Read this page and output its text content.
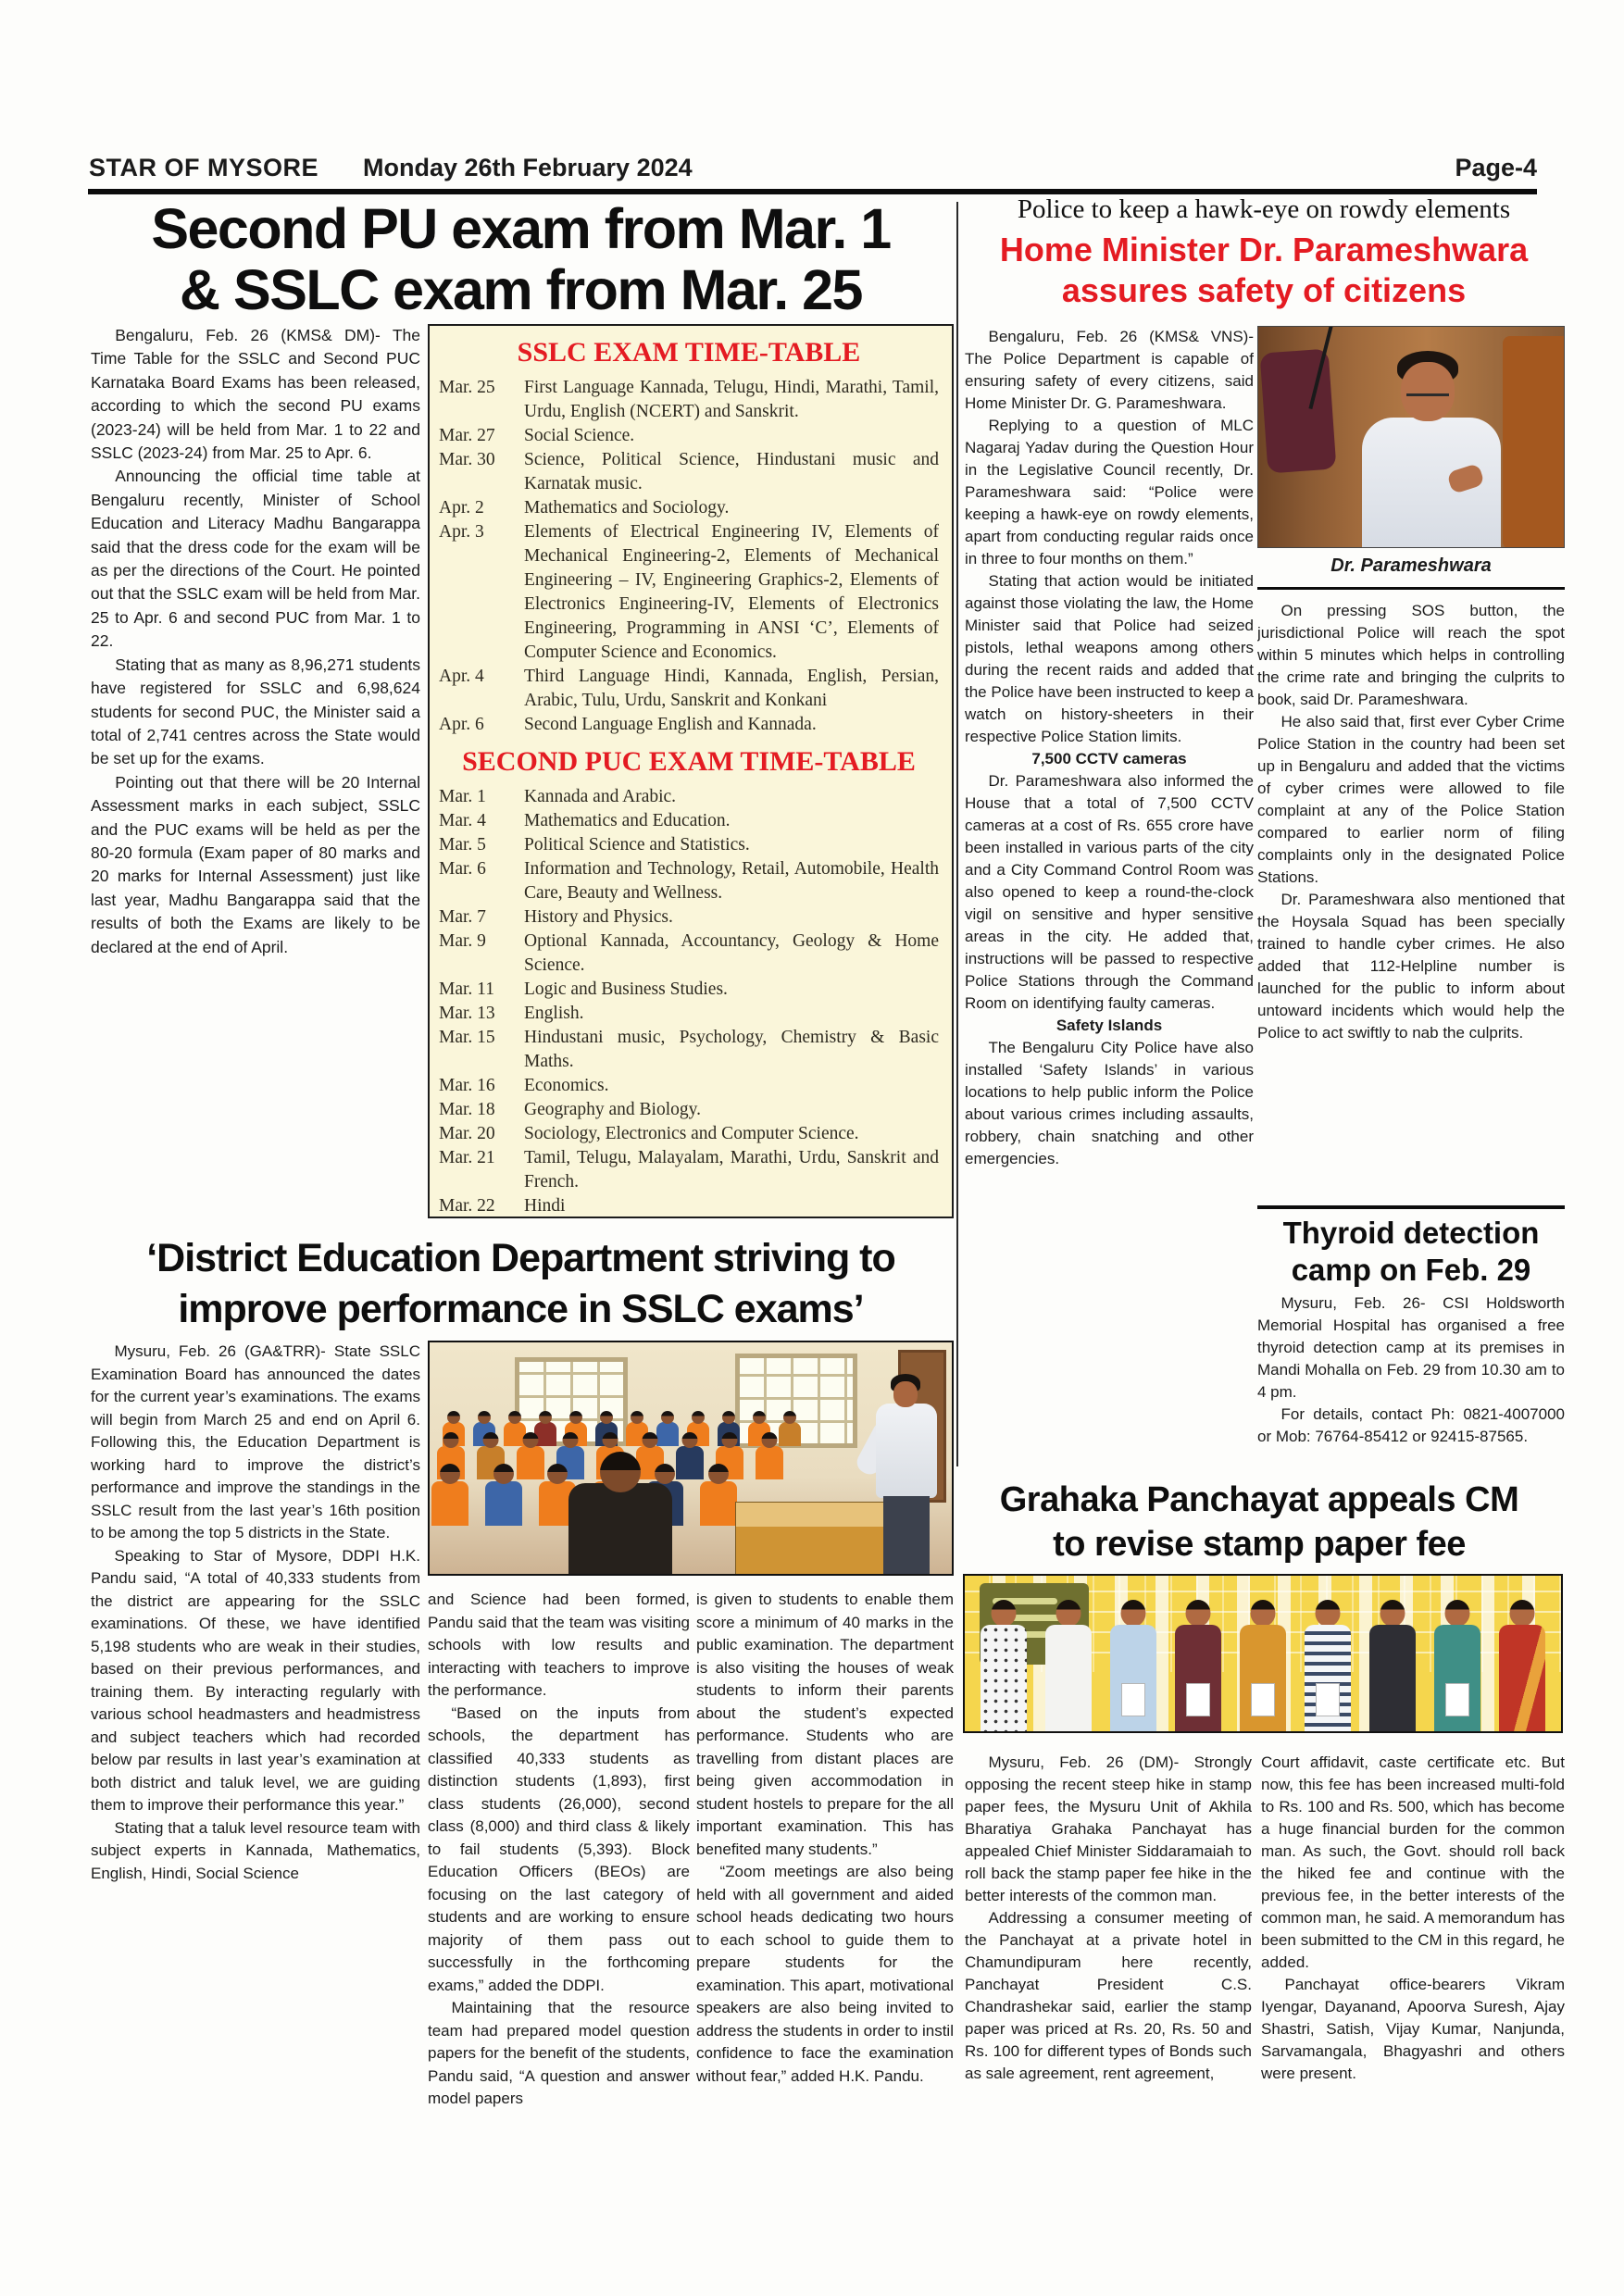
STAR OF MYSORE Monday 26th February 2024	Page-4
Second PU exam from Mar. 1
& SSLC exam from Mar. 25

Bengaluru, Feb. 26 (KMS& DM)- The Time Table for the SSLC and Second PUC Karnataka Board Exams has been released, according to which the second PU exams (2023-24) will be held from Mar. 1 to 22 and SSLC (2023-24) from Mar. 25 to Apr. 6.

Announcing the official time table at Bengaluru recently, Minister of School Education and Literacy Madhu Bangarappa said that the dress code for the exam will be as per the directions of the Court. He pointed out that the SSLC exam will be held from Mar. 25 to Apr. 6 and second PUC from Mar. 1 to 22.

Stating that as many as 8,96,271 students have registered for SSLC and 6,98,624 students for second PUC, the Minister said a total of 2,741 centres across the State would be set up for the exams.

Pointing out that there will be 20 Internal Assessment marks in each subject, SSLC and the PUC exams will be held as per the 80-20 formula (Exam paper of 80 marks and 20 marks for Internal Assessment) just like last year, Madhu Bangarappa said that the results of both the Exams are likely to be declared at the end of April.

SSLC EXAM TIME-TABLE
Mar. 25	First Language Kannada, Telugu, Hindi, Marathi, Tamil, Urdu, English (NCERT) and Sanskrit.
Mar. 27	Social Science.
Mar. 30	Science, Political Science, Hindustani music and Karnatak music.
Apr. 2	Mathematics and Sociology.
Apr. 3	Elements of Electrical Engineering IV, Elements of Mechanical Engineering-2, Elements of Mechanical Engineering – IV, Engineering Graphics-2, Elements of Electronics Engineering-IV, Elements of Electronics Engineering, Programming in ANSI ‘C’, Elements of Computer Science and Economics.
Apr. 4	Third Language Hindi, Kannada, English, Persian, Arabic, Tulu, Urdu, Sanskrit and Konkani
Apr. 6	Second Language English and Kannada.
SECOND PUC EXAM TIME-TABLE
Mar. 1	Kannada and Arabic.
Mar. 4	Mathematics and Education.
Mar. 5	Political Science and Statistics.
Mar. 6	Information and Technology, Retail, Automobile, Health Care, Beauty and Wellness.
Mar. 7	History and Physics.
Mar. 9	Optional Kannada, Accountancy, Geology & Home Science.
Mar. 11	Logic and Business Studies.
Mar. 13	English.
Mar. 15	Hindustani music, Psychology, Chemistry & Basic Maths.
Mar. 16	Economics.
Mar. 18	Geography and Biology.
Mar. 20	Sociology, Electronics and Computer Science.
Mar. 21	Tamil, Telugu, Malayalam, Marathi, Urdu, Sanskrit and French.
Mar. 22	Hindi
Police to keep a hawk-eye on rowdy elements
Home Minister Dr. Parameshwara
assures safety of citizens

Bengaluru, Feb. 26 (KMS& VNS)- The Police Department is capable of ensuring safety of every citizens, said Home Minister Dr. G. Parameshwara.

Replying to a question of MLC Nagaraj Yadav during the Question Hour in the Legislative Council recently, Dr. Parameshwara said: “Police were keeping a hawk-eye on rowdy elements, apart from conducting regular raids once in three to four months on them.”

Stating that action would be initiated against those violating the law, the Home Minister said that Police had seized pistols, lethal weapons among others during the recent raids and added that the Police have been instructed to keep a watch on history-sheeters in their respective Police Station limits.

7,500 CCTV cameras

Dr. Parameshwara also informed the House that a total of 7,500 CCTV cameras at a cost of Rs. 655 crore have been installed in various parts of the city and a City Command Control Room was also opened to keep a round-the-clock vigil on sensitive and hyper sensitive areas in the city. He added that, instructions will be passed to respective Police Stations through the Command Room on identifying faulty cameras.

Safety Islands

The Bengaluru City Police have also installed ‘Safety Islands’ in various locations to help public inform the Police about various crimes including assaults, robbery, chain snatching and other emergencies.

Dr. Parameshwara

On pressing SOS button, the jurisdictional Police will reach the spot within 5 minutes which helps in controlling the crime rate and bringing the culprits to book, said Dr. Parameshwara.

He also said that, first ever Cyber Crime Police Station in the country had been set up in Bengaluru and added that the victims of cyber crimes were allowed to file complaint at any of the Police Station compared to earlier norm of filing complaints only in the designated Police Stations.

Dr. Parameshwara also mentioned that the Hoysala Squad has been specially trained to handle cyber crimes. He also added that 112-Helpline number is launched for the public to inform about untoward incidents which would help the Police to act swiftly to nab the culprits.

Thyroid detection
camp on Feb. 29

Mysuru, Feb. 26- CSI Holdsworth Memorial Hospital has organised a free thyroid detection camp at its premises in Mandi Mohalla on Feb. 29 from 10.30 am to 4 pm.

For details, contact Ph: 0821-4007000 or Mob: 76764-85412 or 92415-87565.

‘District Education Department striving to
improve performance in SSLC exams’

Mysuru, Feb. 26 (GA&TRR)- State SSLC Examination Board has announced the dates for the current year’s examinations. The exams will begin from March 25 and end on April 6. Following this, the Education Department is working hard to improve the district’s performance and improve the standings in the SSLC result from the last year’s 16th position to be among the top 5 districts in the State.

Speaking to Star of Mysore, DDPI H.K. Pandu said, “A total of 40,333 students from the district are appearing for the SSLC examinations. Of these, we have identified 5,198 students who are weak in their studies, based on their previous performances, and training them. By interacting regularly with various school headmasters and headmistress and subject teachers which had recorded below par results in last year’s examination at both district and taluk level, we are guiding them to improve their performance this year.”

Stating that a taluk level resource team with subject experts in Kannada, Mathematics, English, Hindi, Social Science

and Science had been formed, Pandu said that the team was visiting schools with low results and interacting with teachers to improve the performance.

“Based on the inputs from schools, the department has classified 40,333 students as distinction students (1,893), first class students (26,000), second class (8,000) and third class & likely to fail students (5,393). Block Education Officers (BEOs) are focusing on the last category of students and are working to ensure majority of them pass out successfully in the forthcoming exams,” added the DDPI.

Maintaining that the resource team had prepared model question papers for the benefit of the students, Pandu said, “A question and answer model papers

is given to students to enable them score a minimum of 40 marks in the public examination. The department is also visiting the houses of weak students to inform their parents about the student’s expected performance. Students who are travelling from distant places are being given accommodation in student hostels to prepare for the all important examination. This has benefited many students.”

“Zoom meetings are also being held with all government and aided school heads dedicating two hours to each school to guide them to prepare students for the examination. This apart, motivational speakers are also being invited to address the students in order to instil confidence to face the examination without fear,” added H.K. Pandu.

Grahaka Panchayat appeals CM
to revise stamp paper fee

Mysuru, Feb. 26 (DM)- Strongly opposing the recent steep hike in stamp paper fees, the Mysuru Unit of Akhila Bharatiya Grahaka Panchayat has appealed Chief Minister Siddaramaiah to roll back the stamp paper fee hike in the better interests of the common man.

Addressing a consumer meeting of the Panchayat at a private hotel in Chamundipuram here recently, Panchayat President C.S. Chandrashekar said, earlier the stamp paper was priced at Rs. 20, Rs. 50 and Rs. 100 for different types of Bonds such as sale agreement, rent agreement,

Court affidavit, caste certificate etc. But now, this fee has been increased multi-fold to Rs. 100 and Rs. 500, which has become a huge financial burden for the common man. As such, the Govt. should roll back the hiked fee and continue with the previous fee, in the better interests of the common man, he said. A memorandum has been submitted to the CM in this regard, he added.

Panchayat office-bearers Vikram Iyengar, Dayanand, Apoorva Suresh, Ajay Shastri, Satish, Vijay Kumar, Nanjunda, Sarvamangala, Bhagyashri and others were present.
